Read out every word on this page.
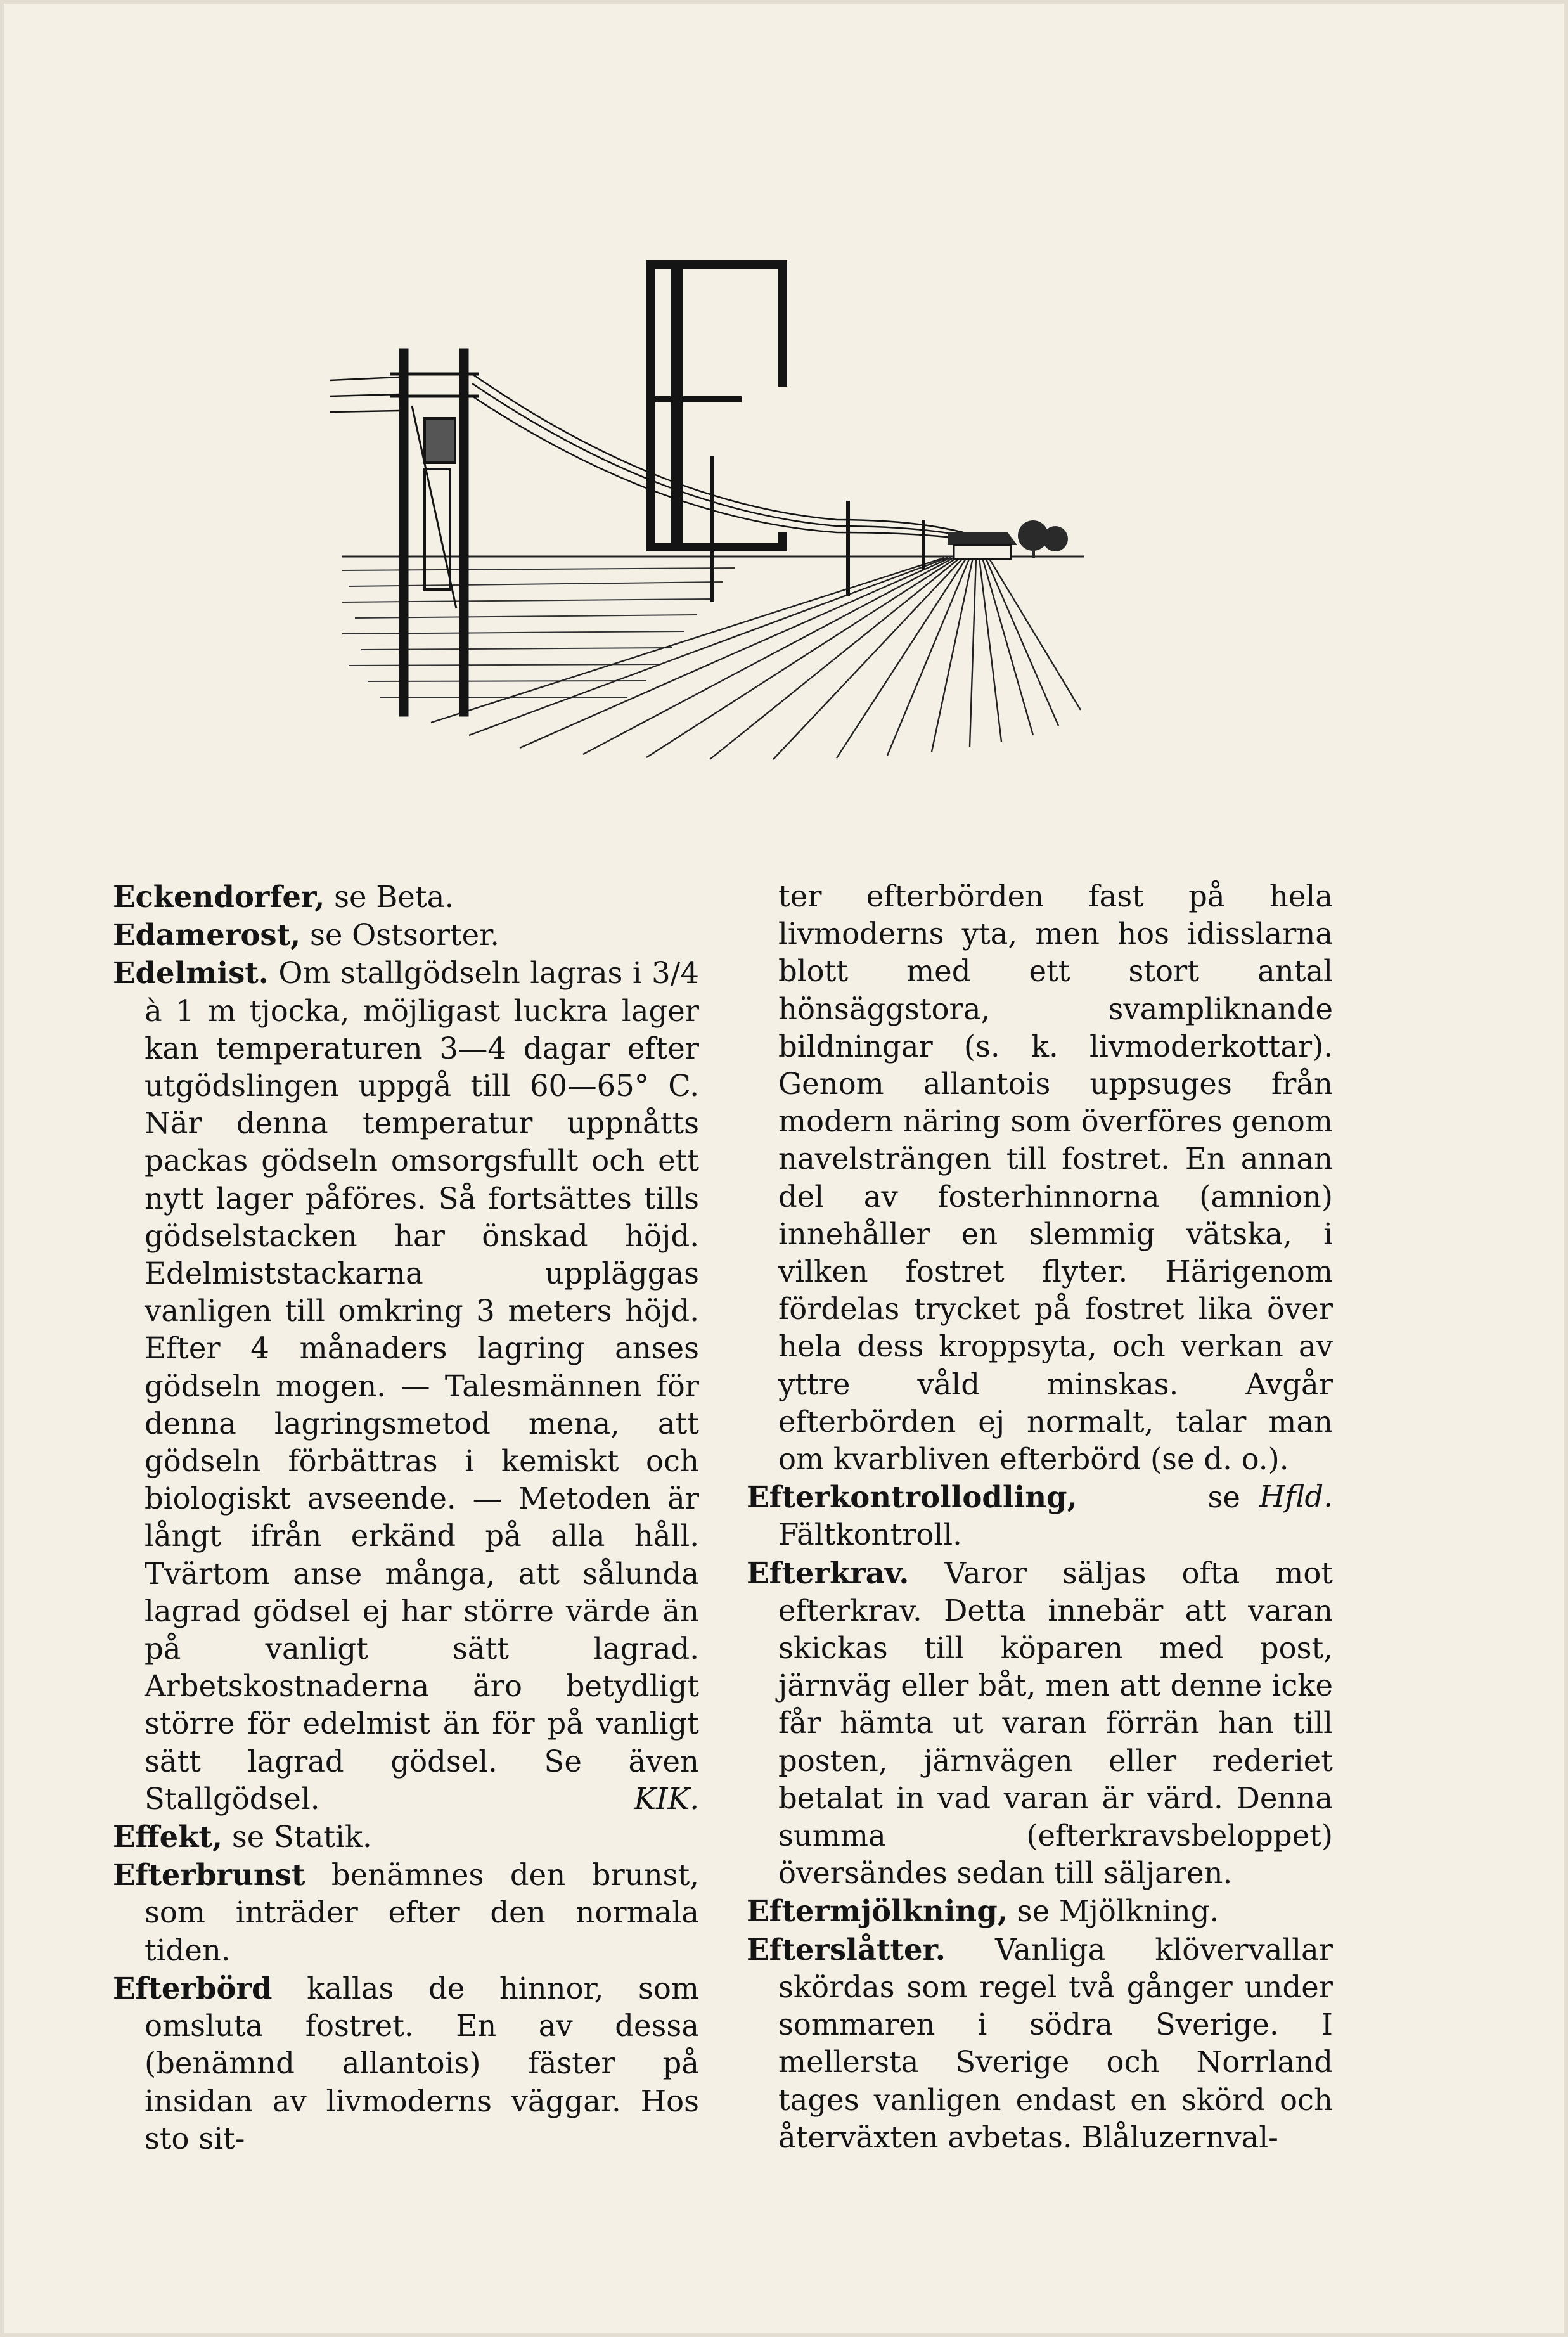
Eckendorfer, se Beta.

Edamerost, se Ostsorter.

Edelmist. Om stallgödseln lagras i 3/4 à 1 m tjocka, möjligast luckra lager kan temperaturen 3—4 dagar efter utgödslingen uppgå till 60—65° C. När denna temperatur uppnåtts packas gödseln omsorgsfullt och ett nytt lager påföres. Så fortsättes tills gödselstacken har önskad höjd. Edelmiststackarna uppläggas vanligen till omkring 3 meters höjd. Efter 4 månaders lagring anses gödseln mogen. — Talesmännen för denna lagringsmetod mena, att gödseln förbättras i kemiskt och biologiskt avseende. — Metoden är långt ifrån erkänd på alla håll. Tvärtom anse många, att sålunda lagrad gödsel ej har större värde än på vanligt sätt lagrad. Arbetskostnaderna äro betydligt större för edelmist än för på vanligt sätt lagrad gödsel. Se även Stallgödsel.	KIK.

Effekt, se Statik.

Efterbrunst benämnes den brunst, som inträder efter den normala tiden.

Efterbörd kallas de hinnor, som omsluta fostret. En av dessa (benämnd allantois) fäster på insidan av livmoderns väggar. Hos sto sit-

ter efterbörden fast på hela livmoderns yta, men hos idisslarna blott med ett stort antal hönsäggstora, svampliknande bildningar (s. k. livmoderkottar). Genom allantois uppsuges från modern näring som överföres genom navelsträngen till fostret. En annan del av fosterhinnorna (amnion) innehåller en slemmig vätska, i vilken fostret flyter. Härigenom fördelas trycket på fostret lika över hela dess kroppsyta, och verkan av yttre våld minskas. Avgår efterbörden ej normalt, talar man om kvarbliven efterbörd (se d. o.).
Hfld.

Efterkontrollodling,	se Fältkontroll.

Efterkrav. Varor säljas ofta mot efterkrav. Detta innebär att varan skickas till köparen med post, järnväg eller båt, men att denne icke får hämta ut varan förrän han till posten, järnvägen eller rederiet betalat in vad varan är värd. Denna summa (efterkravsbeloppet) översändes sedan till säljaren.

Eftermjölkning, se Mjölkning.

Efterslåtter. Vanliga klövervallar skördas som regel två gånger under sommaren i södra Sverige. I mellersta Sverige och Norrland tages vanligen endast en skörd och återväxten avbetas. Blåluzernval-
